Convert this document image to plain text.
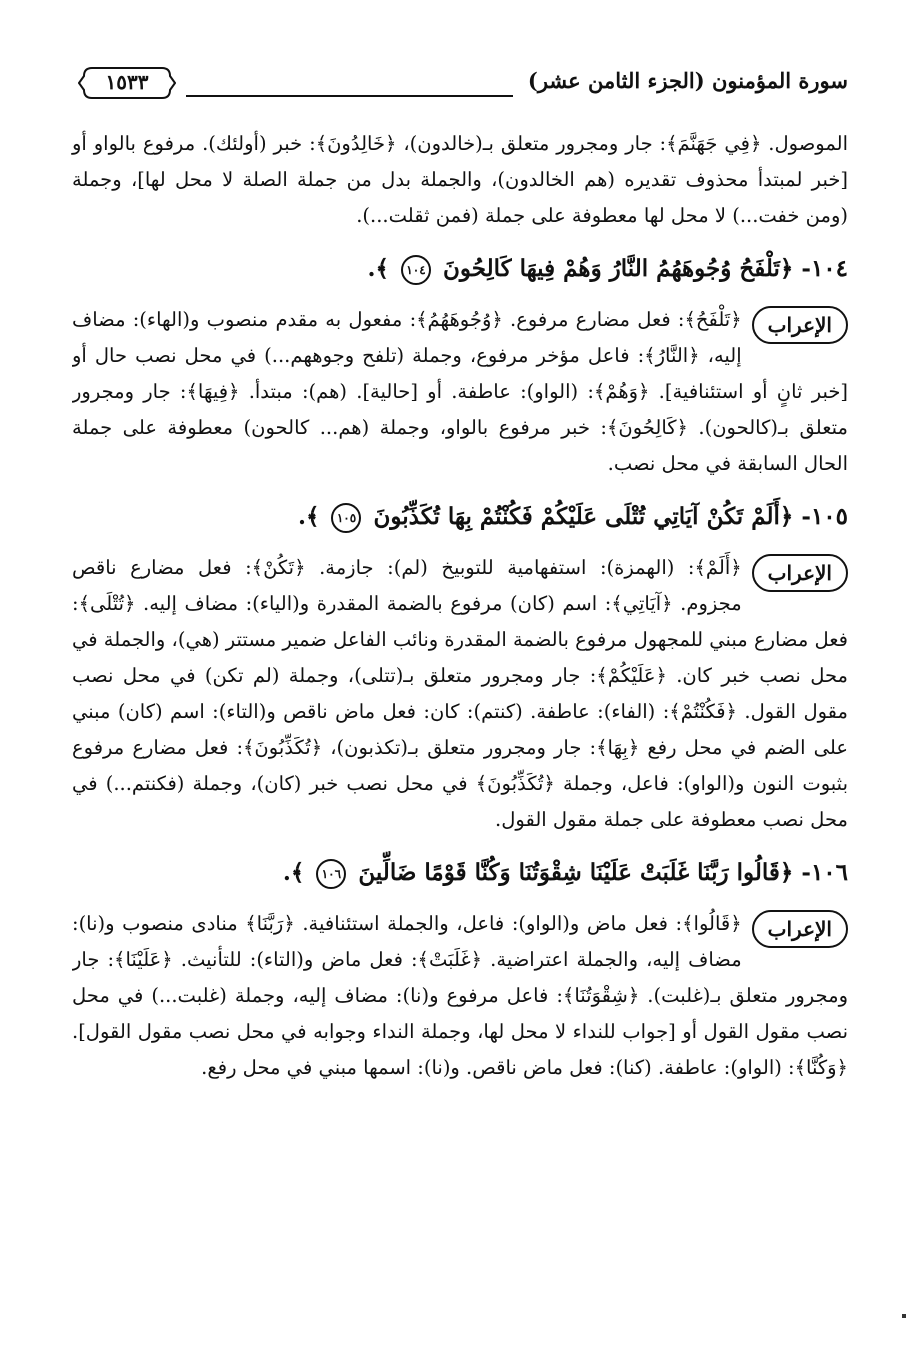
سورة المؤمنون (الجزء الثامن عشر)
١٥٣٣

الموصول. ﴿فِي جَهَنَّمَ﴾: جار ومجرور متعلق بـ(خالدون)، ﴿خَالِدُونَ﴾: خبر (أولئك). مرفوع بالواو أو [خبر لمبتدأ محذوف تقديره (هم الخالدون)، والجملة بدل من جملة الصلة لا محل لها]، وجملة (ومن خفت...) لا محل لها معطوفة على جملة (فمن ثقلت...).

١٠٤- ﴿تَلْفَحُ وُجُوهَهُمُ النَّارُ وَهُمْ فِيهَا كَالِحُونَ ١٠٤ ﴾.

الإعراب
﴿تَلْفَحُ﴾: فعل مضارع مرفوع. ﴿وُجُوهَهُمُ﴾: مفعول به مقدم منصوب و(الهاء): مضاف إليه، ﴿النَّارُ﴾: فاعل مؤخر مرفوع، وجملة (تلفح وجوههم...) في محل نصب حال أو [خبر ثانٍ أو استئنافية]. ﴿وَهُمْ﴾: (الواو): عاطفة. أو [حالية]. (هم): مبتدأ. ﴿فِيهَا﴾: جار ومجرور متعلق بـ(كالحون). ﴿كَالِحُونَ﴾: خبر مرفوع بالواو، وجملة (هم... كالحون) معطوفة على جملة الحال السابقة في محل نصب.

١٠٥- ﴿أَلَمْ تَكُنْ آيَاتِي تُتْلَى عَلَيْكُمْ فَكُنْتُمْ بِهَا تُكَذِّبُونَ ١٠٥ ﴾.

الإعراب
﴿أَلَمْ﴾: (الهمزة): استفهامية للتوبيخ (لم): جازمة. ﴿تَكُنْ﴾: فعل مضارع ناقص مجزوم. ﴿آيَاتِي﴾: اسم (كان) مرفوع بالضمة المقدرة و(الياء): مضاف إليه. ﴿تُتْلَى﴾: فعل مضارع مبني للمجهول مرفوع بالضمة المقدرة ونائب الفاعل ضمير مستتر (هي)، والجملة في محل نصب خبر كان. ﴿عَلَيْكُمْ﴾: جار ومجرور متعلق بـ(تتلى)، وجملة (لم تكن) في محل نصب مقول القول. ﴿فَكُنْتُمْ﴾: (الفاء): عاطفة. (كنتم): كان: فعل ماض ناقص و(التاء): اسم (كان) مبني على الضم في محل رفع ﴿بِهَا﴾: جار ومجرور متعلق بـ(تكذبون)، ﴿تُكَذِّبُونَ﴾: فعل مضارع مرفوع بثبوت النون و(الواو): فاعل، وجملة ﴿تُكَذِّبُونَ﴾ في محل نصب خبر (كان)، وجملة (فكنتم...) في محل نصب معطوفة على جملة مقول القول.

١٠٦- ﴿قَالُوا رَبَّنَا غَلَبَتْ عَلَيْنَا شِقْوَتُنَا وَكُنَّا قَوْمًا ضَالِّينَ ١٠٦ ﴾.

الإعراب
﴿قَالُوا﴾: فعل ماض و(الواو): فاعل، والجملة استئنافية. ﴿رَبَّنَا﴾ منادى منصوب و(نا): مضاف إليه، والجملة اعتراضية. ﴿غَلَبَتْ﴾: فعل ماض و(التاء): للتأنيث. ﴿عَلَيْنَا﴾: جار ومجرور متعلق بـ(غلبت). ﴿شِقْوَتُنَا﴾: فاعل مرفوع و(نا): مضاف إليه، وجملة (غلبت...) في محل نصب مقول القول أو [جواب للنداء لا محل لها، وجملة النداء وجوابه في محل نصب مقول القول]. ﴿وَكُنَّا﴾: (الواو): عاطفة. (كنا): فعل ماض ناقص. و(نا): اسمها مبني في محل رفع.
